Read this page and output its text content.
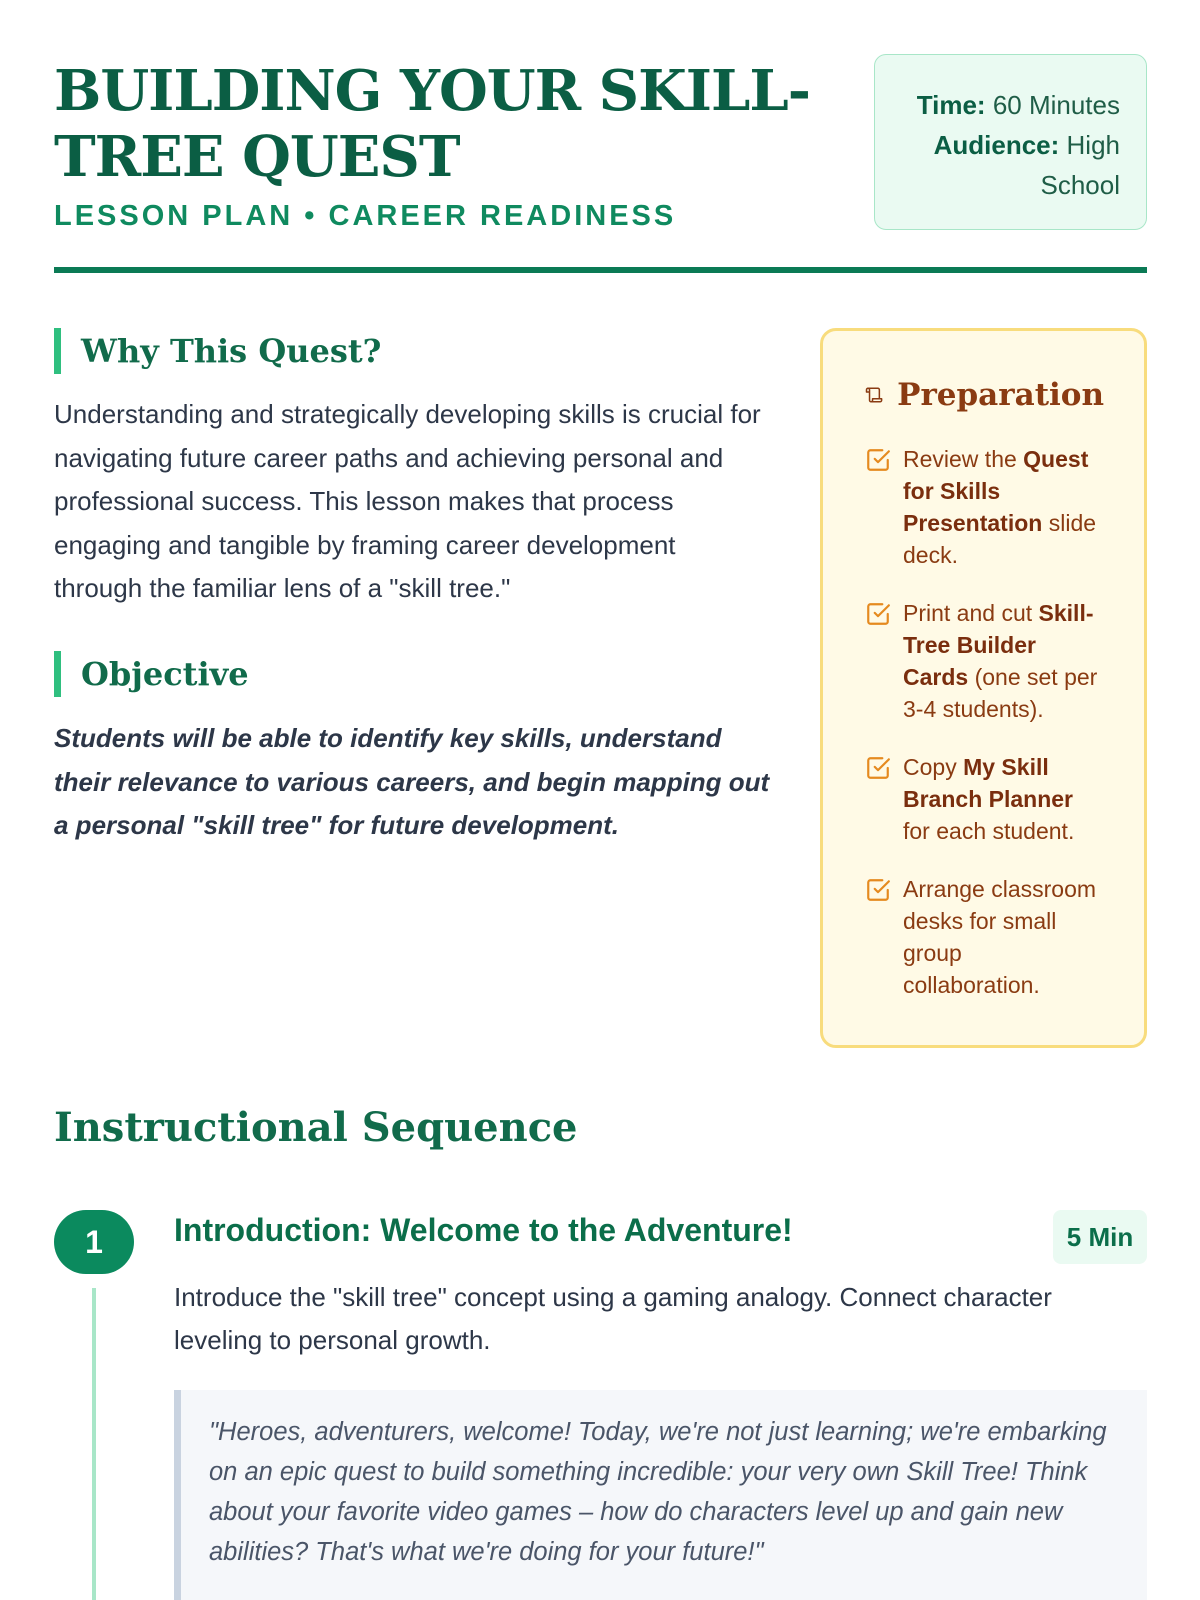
BUILDING YOUR SKILL-TREE QUEST
LESSON PLAN • CAREER READINESS
Time: 60 Minutes
Audience: High School
Why This Quest?

Understanding and strategically developing skills is crucial for navigating future career paths and achieving personal and professional success. This lesson makes that process engaging and tangible by framing career development through the familiar lens of a "skill tree."

Objective

Students will be able to identify key skills, understand their relevance to various careers, and begin mapping out a personal "skill tree" for future development.

Preparation
Review the Quest for Skills Presentation slide deck.
Print and cut Skill-Tree Builder Cards (one set per 3-4 students).
Copy My Skill Branch Planner for each student.
Arrange classroom desks for small group collaboration.
Instructional Sequence
1	Introduction: Welcome to the Adventure!	5 Min

Introduce the "skill tree" concept using a gaming analogy. Connect character leveling to personal growth.

"Heroes, adventurers, welcome! Today, we're not just learning; we're embarking on an epic quest to build something incredible: your very own Skill Tree! Think about your favorite video games – how do characters level up and gain new abilities? That's what we're doing for your future!"
